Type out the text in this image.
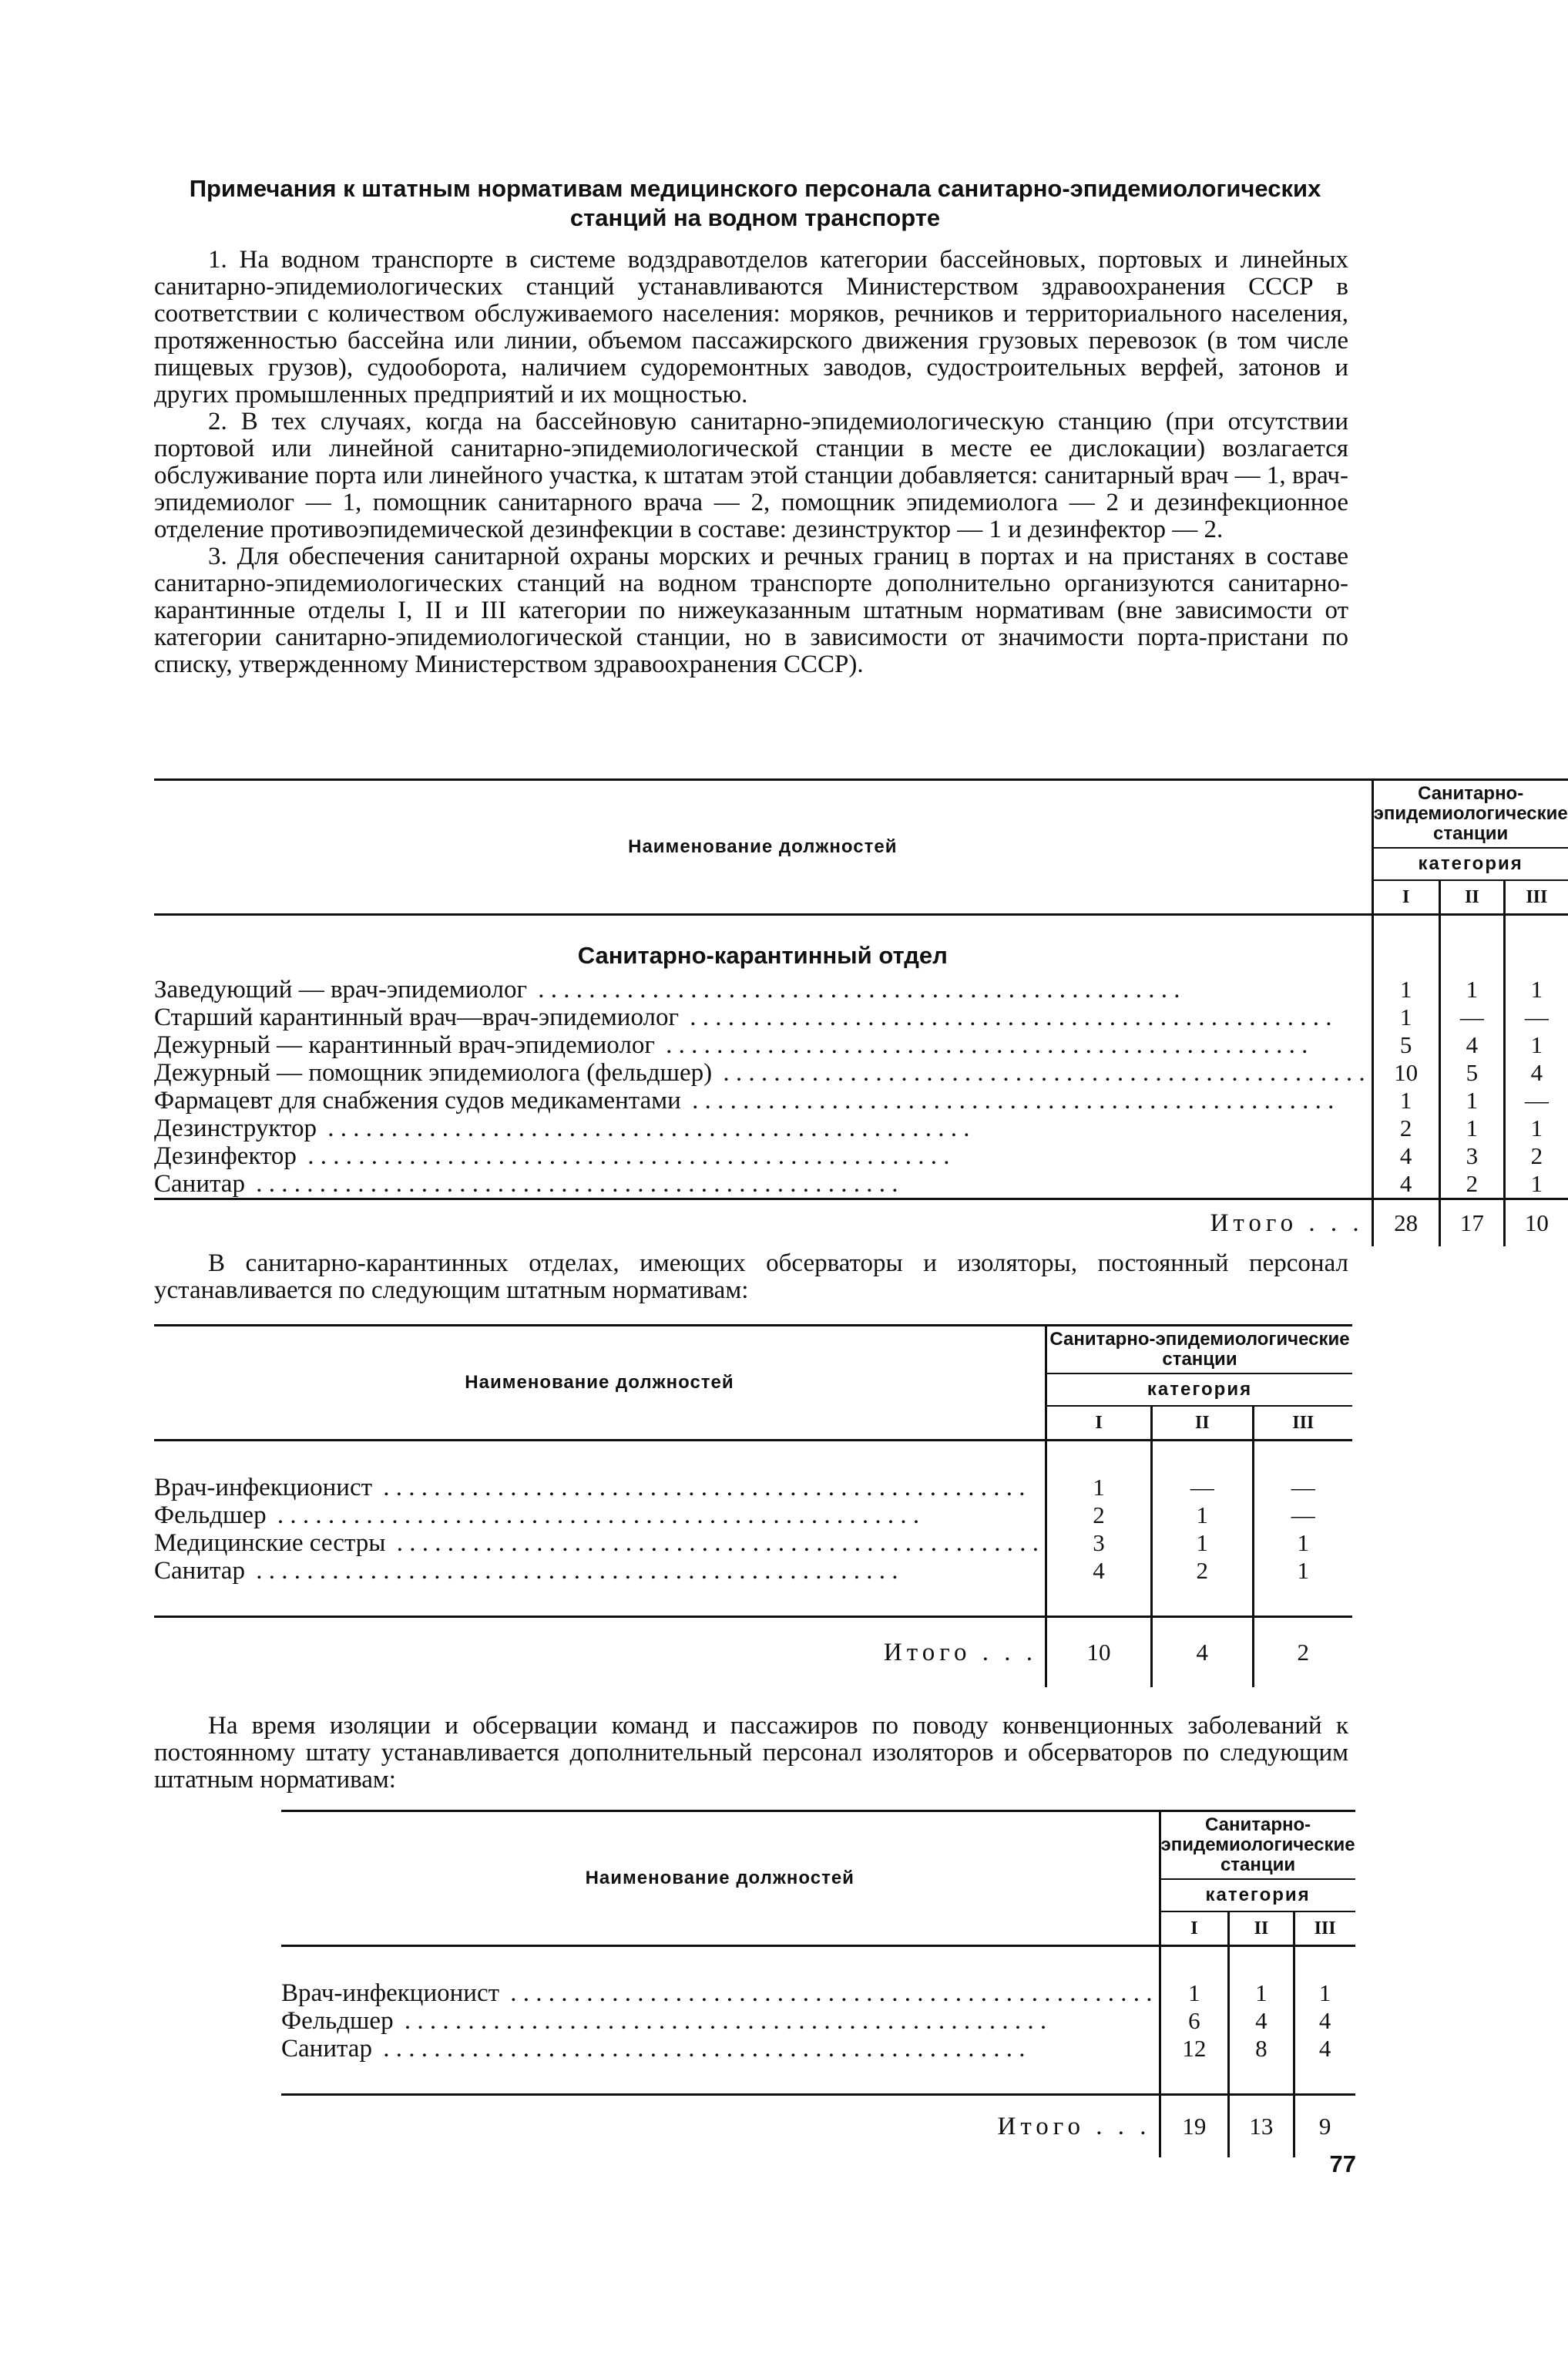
Примечания к штатным нормативам медицинского персонала санитарно-эпидемиологических станций на водном транспорте

1. На водном транспорте в системе водздравотделов категории бассейновых, портовых и линейных санитарно-эпидемиологических станций устанавливаются Министерством здравоохранения СССР в соответствии с количеством обслуживаемого населения: моряков, речников и территориального населения, протяженностью бассейна или линии, объемом пассажирского движения грузовых перевозок (в том числе пищевых грузов), судооборота, наличием судоремонтных заводов, судостроительных верфей, затонов и других промышленных предприятий и их мощностью.

2. В тех случаях, когда на бассейновую санитарно-эпидемиологическую станцию (при отсутствии портовой или линейной санитарно-эпидемиологической станции в месте ее дислокации) возлагается обслуживание порта или линейного участка, к штатам этой станции добавляется: санитарный врач — 1, врач-эпидемиолог — 1, помощник санитарного врача — 2, помощник эпидемиолога — 2 и дезинфекционное отделение противоэпидемической дезинфекции в составе: дезинструктор — 1 и дезинфектор — 2.

3. Для обеспечения санитарной охраны морских и речных границ в портах и на пристанях в составе санитарно-эпидемиологических станций на водном транспорте дополнительно организуются санитарно-карантинные отделы I, II и III категории по нижеуказанным штатным нормативам (вне зависимости от категории санитарно-эпидемиологической станции, но в зависимости от значимости порта-пристани по списку, утвержденному Министерством здравоохранения СССР).

Наименование должностей	Санитарно-эпидемиологические станции		
	категория		
	I	II	III
Санитарно-карантинный отдел			
Заведующий — врач-эпидемиолог . . .	1	1	1
Старший карантинный врач—врач-эпидемиолог . . .	1	—	—
Дежурный — карантинный врач-эпидемиолог . . .	5	4	1
Дежурный — помощник эпидемиолога (фельдшер) . . .	10	5	4
Фармацевт для снабжения судов медикаментами . . .	1	1	—
Дезинструктор . . .	2	1	1
Дезинфектор . . .	4	3	2
Санитар . . .	4	2	1
Итого . . .	28	17	10

В санитарно-карантинных отделах, имеющих обсерваторы и изоляторы, постоянный персонал устанавливается по следующим штатным нормативам:

Наименование должностей	Санитарно-эпидемиологические станции		
	категория		
	I	II	III

Врач-инфекционист . . .	1	—	—
Фельдшер . . .	2	1	—
Медицинские сестры . . .	3	1	1
Санитар . . .	4	2	1

Итого . . .	10	4	2

На время изоляции и обсервации команд и пассажиров по поводу конвенционных заболеваний к постоянному штату устанавливается дополнительный персонал изоляторов и обсерваторов по следующим штатным нормативам:

Наименование должностей	Санитарно-эпидемиологические станции		
	категория		
	I	II	III

Врач-инфекционист . . .	1	1	1
Фельдшер . . .	6	4	4
Санитар . . .	12	8	4

Итого . . .	19	13	9
77
